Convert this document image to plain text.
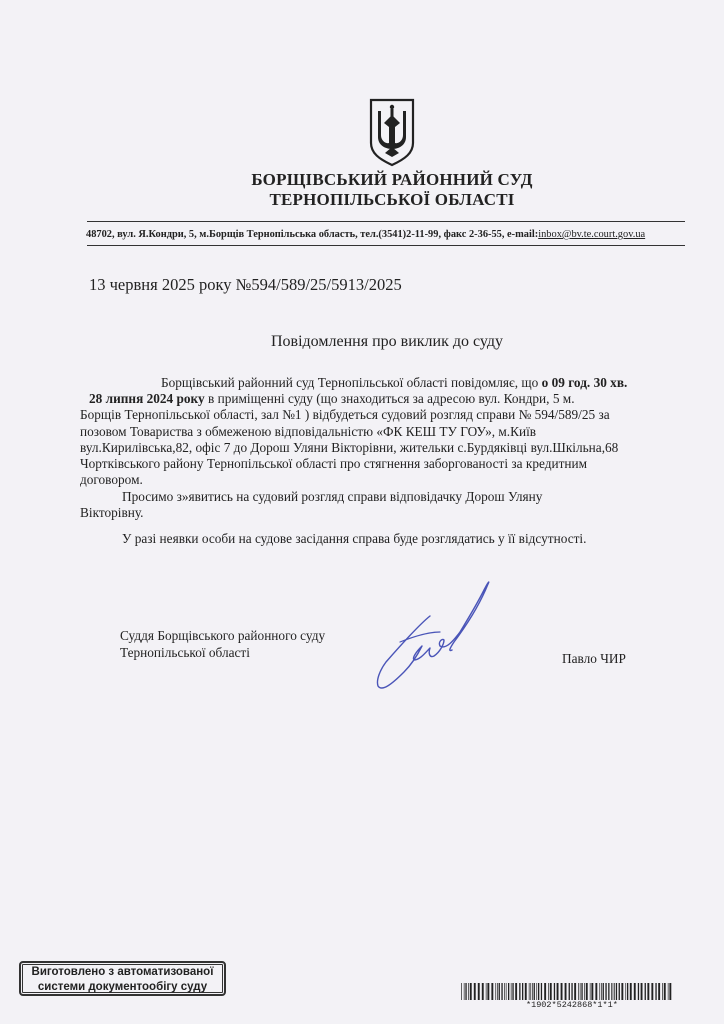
БОРЩІВСЬКИЙ РАЙОННИЙ СУД
ТЕРНОПІЛЬСЬКОЇ ОБЛАСТІ
48702, вул. Я.Кондри, 5, м.Борщів Тернопільська область, тел.(3541)2-11-99, факс 2-36-55, e-mail:inbox@bv.te.court.gov.ua
13 червня 2025 року №594/589/25/5913/2025
Повідомлення про виклик до суду
Борщівський районний суд Тернопільської області повідомляє, що о 09 год. 30 хв.
28 липня 2024 року в приміщенні суду (що знаходиться за адресою вул. Кондри, 5 м.
Борщів Тернопільської області, зал №1 ) відбудеться судовий розгляд справи № 594/589/25 за
позовом Товариства з обмеженою відповідальністю «ФК КЕШ ТУ ГОУ», м.Київ
вул.Кирилівська,82, офіс 7 до Дорош Уляни Вікторівни, жительки с.Бурдяківці вул.Шкільна,68
Чортківського району Тернопільської області про стягнення заборгованості за кредитним
договором.
Просимо з»явитись на судовий розгляд справи відповідачку Дорош Уляну
Вікторівну.
У разі неявки особи на судове засідання справа буде розглядатись у її відсутності.
Суддя Борщівського районного суду
Тернопільської області	Павло ЧИР
Виготовлено з автоматизованої
системи документообігу суду
*1902*5242868*1*1*
